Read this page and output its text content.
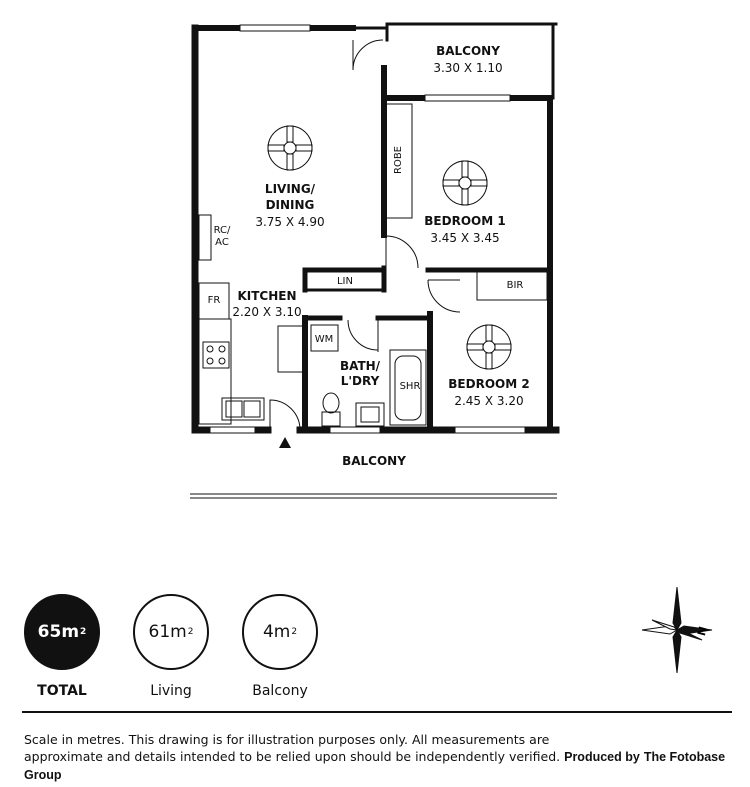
BALCONY
3.30 X 1.10
LIVING/
DINING
3.75 X 4.90	BEDROOM 1
3.45 X 3.45
KITCHEN
2.20 X 3.10
BATH/
L'DRY	BEDROOM 2
2.45 X 3.20
BALCONY
ROBE
RC/
AC
LIN
FR
WM
SHR
BIR
65m 2
TOTAL
61m 2
Living
4m 2
Balcony
N
Scale in metres. This drawing is for illustration purposes only. All measurements are
approximate and details intended to be relied upon should be independently verified. Produced by The Fotobase Group
